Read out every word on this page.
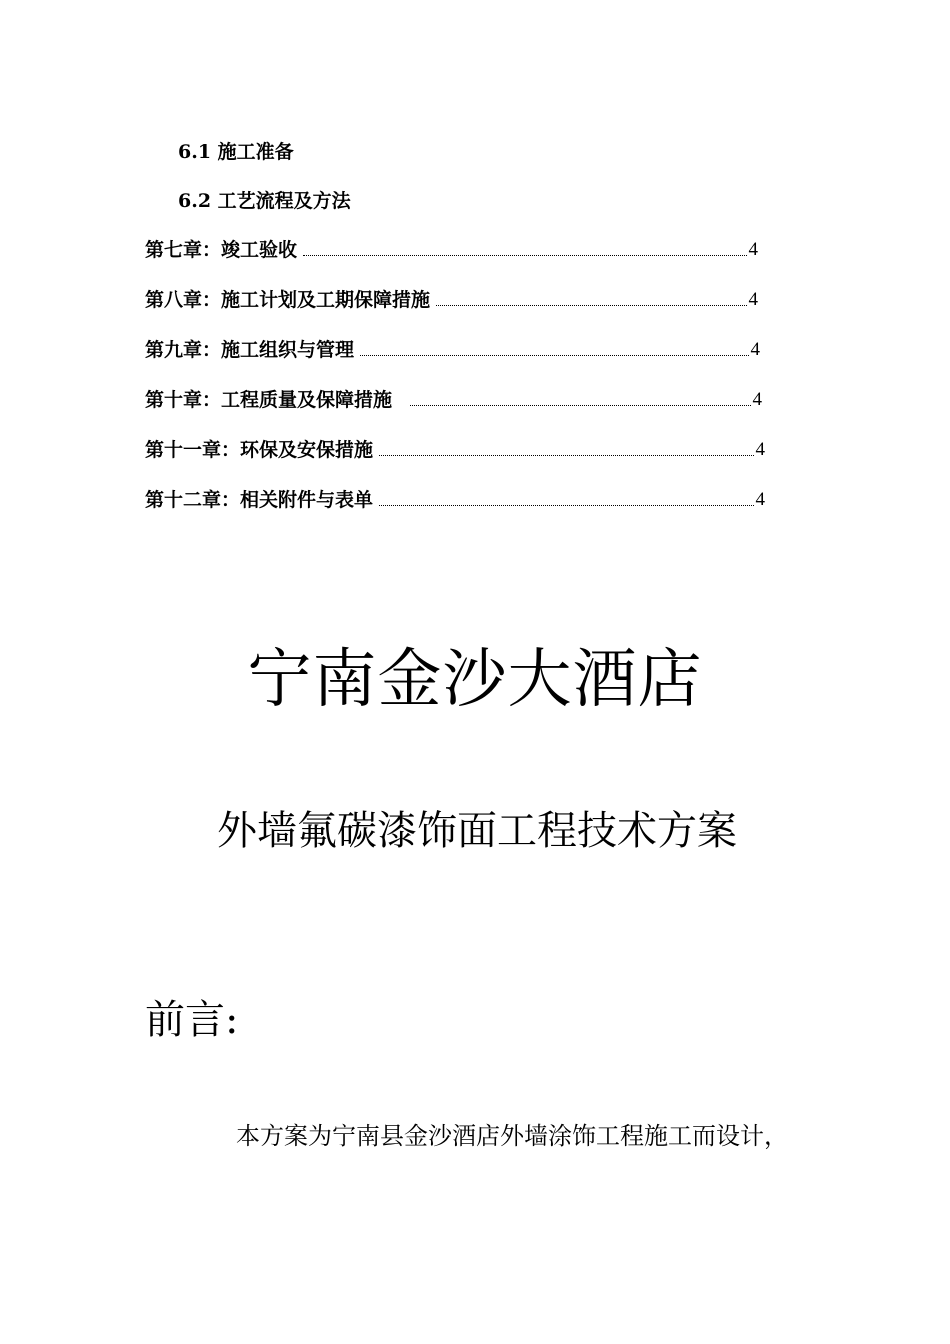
6.1 施工准备
6.2 工艺流程及方法
第七章：竣工验收	4
第八章：施工计划及工期保障措施	4
第九章：施工组织与管理	4
第十章：工程质量及保障措施	4
第十一章：环保及安保措施	4
第十二章：相关附件与表单	4
宁南金沙大酒店
外墙氟碳漆饰面工程技术方案
前言:

本方案为宁南县金沙酒店外墙涂饰工程施工而设计，
